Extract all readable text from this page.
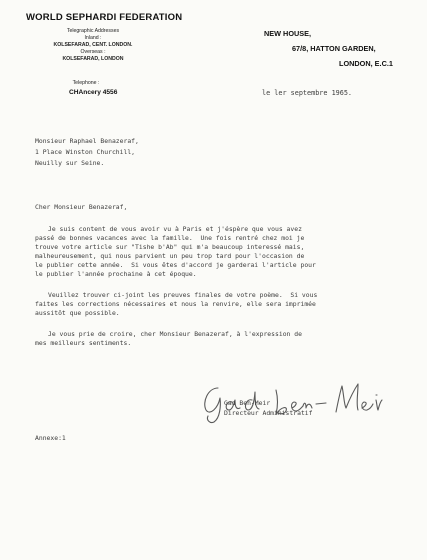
WORLD SEPHARDI FEDERATION
Telegraphic Addresses
Inland :
KOLSEFARAD, CENT. LONDON.
Overseas :
KOLSEFARAD, LONDON
Telephone :
CHAncery 4556
NEW HOUSE,
67/8, HATTON GARDEN,
LONDON, E.C.1
le ler septembre 1965.
Monsieur Raphael Benazeraf,
1 Place Winston Churchill,
Neuilly sur Seine.
Cher Monsieur Benazeraf,
Je suis content de vous avoir vu à Paris et j'éspère que vous avez
passé de bonnes vacances avec la famille.  Une fois rentré chez moi je
trouve votre article sur "Tishe b'Ab" qui m'a beaucoup interessé mais,
malheureusement, qui nous parvient un peu trop tard pour l'occasion de
le publier cette année.  Si vous êtes d'accord je garderai l'article pour
le publier l'année prochaine à cet époque.
Veuillez trouver ci-joint les preuves finales de votre poème.  Si vous
faites les corrections nécessaires et nous la renvire, elle sera imprimée
aussitôt que possible.
Je vous prie de croire, cher Monsieur Benazeraf, à l'expression de
mes meilleurs sentiments.
Gad Ben-Meir
Directeur Administratif
Annexe:1
